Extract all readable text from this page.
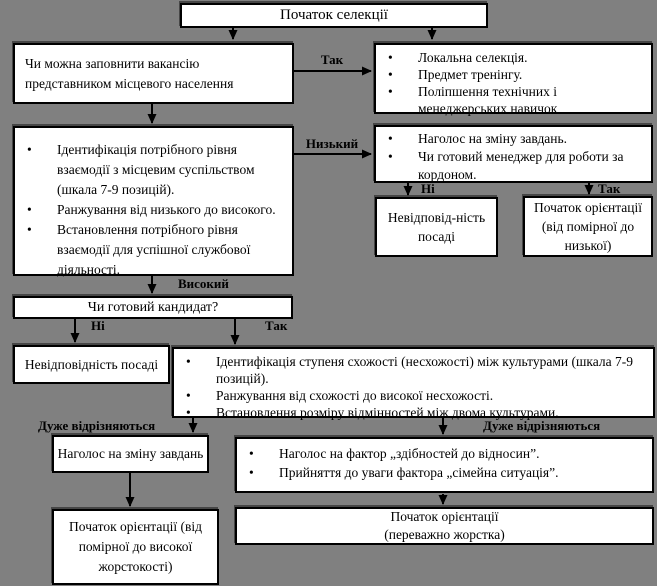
Початок селекції
Чи можна заповнити вакансію представником місцевого населення
•	Локальна селекція.
•	Предмет тренінгу.
•	Поліпшення технічних і менеджерських навичок
•	Ідентифікація потрібного рівня взаємодії з місцевим суспільством (шкала 7-9 позицій).
•	Ранжування від низького до високого.
•	Встановлення потрібного рівня взаємодії для успішної службової діяльності.
•	Наголос на зміну завдань.
•	Чи готовий менеджер для роботи за кордоном.
Невідповід-ність посаді
Початок орієнтації (від помірної до низької)
Чи готовий кандидат?
Невідповідність посаді •	Ідентифікація ступеня схожості (несхожості) між культурами (шкала 7-9 позицій).
•	Ранжування від схожості до високої несхожості.
•	Встановлення розміру відмінностей між двома культурами.
Наголос на зміну завдань
Початок орієнтації (від помірної до високої жорстокості)
•	Наголос на фактор „здібностей до відносин”.
•	Прийняття до уваги фактора „сімейна ситуація”.
Початок орієнтації
(переважно жорстка)
Так
Низький
Ні	Так
Високий
Ні	Так
Дуже відрізняються	Дуже відрізняються
